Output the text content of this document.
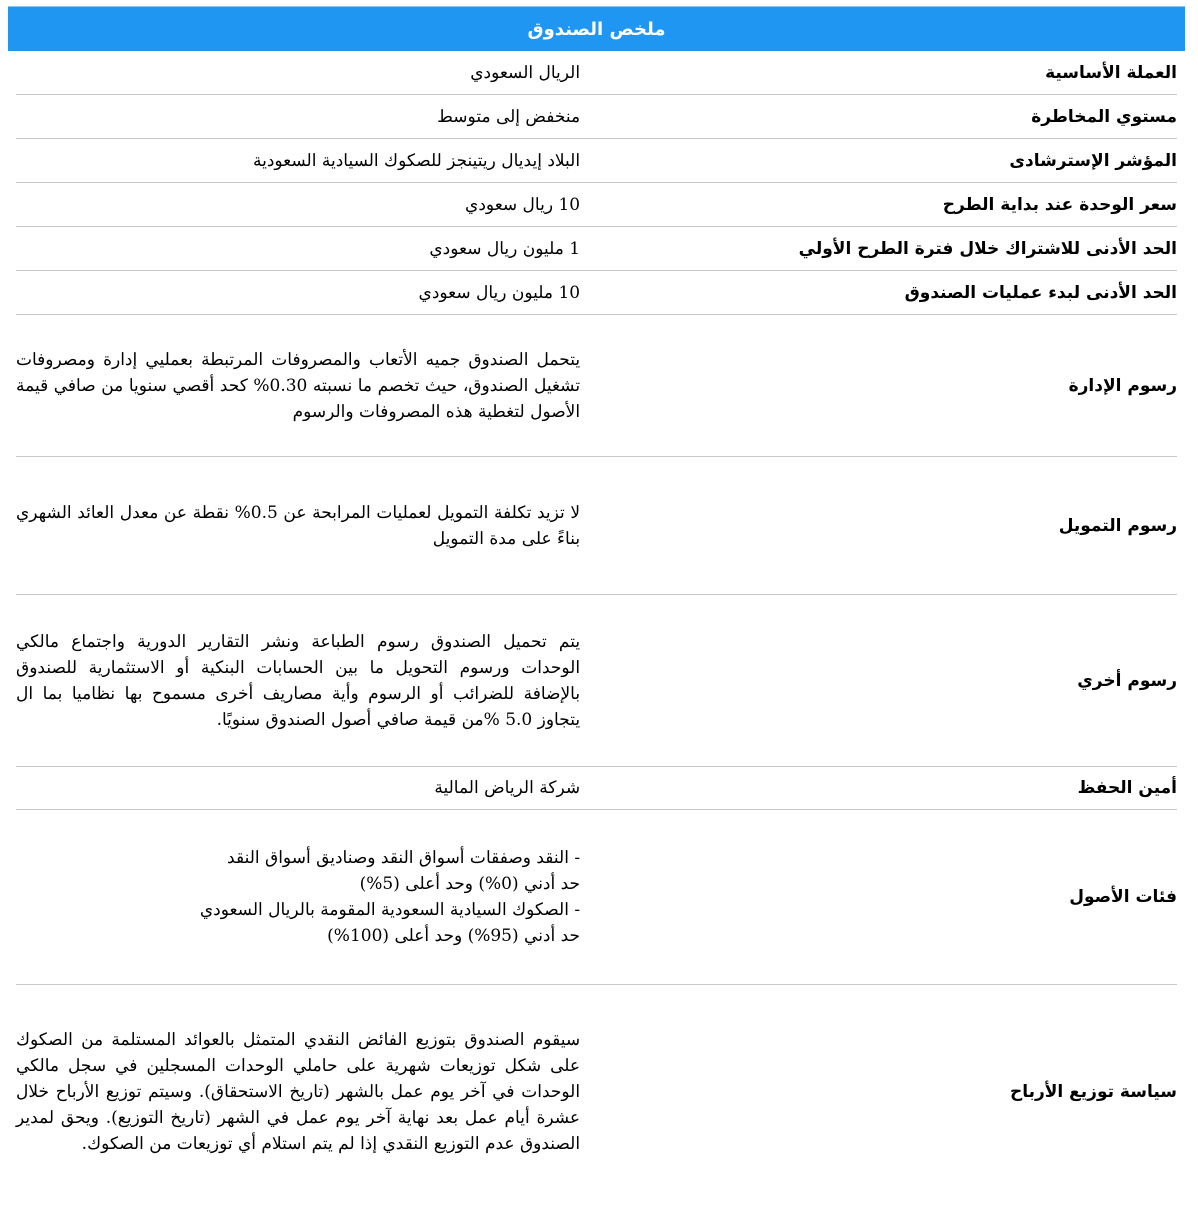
ملخص الصندوق
العملة الأساسية
الريال السعودي
مستوي المخاطرة
منخفض إلى متوسط
المؤشر الإسترشادى
البلاد إيديال ريتينجز للصكوك السيادية السعودية
سعر الوحدة عند بداية الطرح
10 ريال سعودي
الحد الأدنى للاشتراك خلال فترة الطرح الأولي
1 مليون ريال سعودي
الحد الأدنى لبدء عمليات الصندوق
10 مليون ريال سعودي
رسوم الإدارة
يتحمل الصندوق جميه الأتعاب والمصروفات المرتبطة بعمليي إدارة ومصروفات تشغيل الصندوق، حيث تخصم ما نسبته 0.30% كحد أقصي سنويا من صافي قيمة الأصول لتغطية هذه المصروفات والرسوم
رسوم التمويل
لا تزيد تكلفة التمويل لعمليات المرابحة عن 0.5% نقطة عن معدل العائد الشهري بناءً على مدة التمويل
رسوم أخري
يتم تحميل الصندوق رسوم الطباعة ونشر التقارير الدورية واجتماع مالكي الوحدات ورسوم التحويل ما بين الحسابات البنكية أو الاستثمارية للصندوق بالإضافة للضرائب أو الرسوم وأية مصاريف أخرى مسموح بها نظاميا بما ال يتجاوز 5.0 %من قيمة صافي أصول الصندوق سنويًا.
أمين الحفظ
شركة الرياض المالية
فئات الأصول
- النقد وصفقات أسواق النقد وصناديق أسواق النقد
حد أدني (0%) وحد أعلى (5%)
- الصكوك السيادية السعودية المقومة بالريال السعودي
حد أدني (95%) وحد أعلى (100%)
سياسة توزيع الأرباح
سيقوم الصندوق بتوزيع الفائض النقدي المتمثل بالعوائد المستلمة من الصكوك على شكل توزيعات شهرية على حاملي الوحدات المسجلين في سجل مالكي الوحدات في آخر يوم عمل بالشهر (تاريخ الاستحقاق). وسيتم توزيع الأرباح خلال عشرة أيام عمل بعد نهاية آخر يوم عمل في الشهر (تاريخ التوزيع). ويحق لمدير الصندوق عدم التوزيع النقدي إذا لم يتم استلام أي توزيعات من الصكوك.
